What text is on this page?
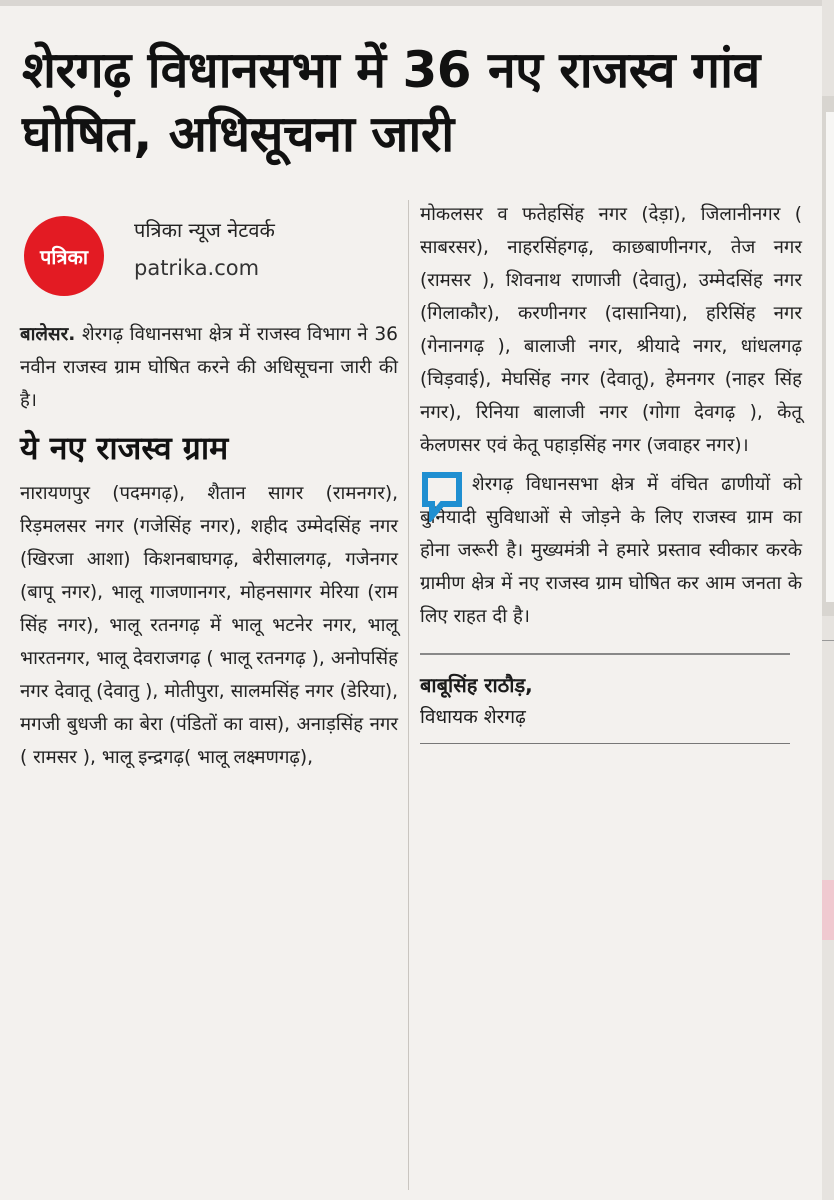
शेरगढ़ विधानसभा में 36 नए राजस्व गांव घोषित, अधिसूचना जारी
पत्रिका
पत्रिका न्यूज नेटवर्क
patrika.com

बालेसर. शेरगढ़ विधानसभा क्षेत्र में राजस्व विभाग ने 36 नवीन राजस्व ग्राम घोषित करने की अधिसूचना जारी की है।

ये नए राजस्व ग्राम

नारायणपुर (पदमगढ़), शैतान सागर (रामनगर), रिड़मलसर नगर (गजेसिंह नगर), शहीद उम्मेदसिंह नगर (खिरजा आशा) किशनबाघगढ़, बेरीसालगढ़, गजेनगर (बापू नगर), भालू गाजणानगर, मोहनसागर मेरिया (राम सिंह नगर), भालू रतनगढ़ में भालू भटनेर नगर, भालू भारतनगर, भालू देवराजगढ़ ( भालू रतनगढ़ ), अनोपसिंह नगर देवातू (देवातु ), मोतीपुरा, सालमसिंह नगर (डेरिया), मगजी बुधजी का बेरा (पंडितों का वास), अनाड़सिंह नगर ( रामसर ), भालू इन्द्रगढ़( भालू लक्ष्मणगढ़),

मोकलसर व फतेहसिंह नगर (देड़ा), जिलानीनगर ( साबरसर), नाहरसिंहगढ़, काछबाणीनगर, तेज नगर (रामसर ), शिवनाथ राणाजी (देवातु), उम्मेदसिंह नगर (गिलाकौर), करणीनगर (दासानिया), हरिसिंह नगर (गेनानगढ़ ), बालाजी नगर, श्रीयादे नगर, धांधलगढ़ (चिड़वाई), मेघसिंह नगर (देवातू), हेमनगर (नाहर सिंह नगर), रिनिया बालाजी नगर (गोगा देवगढ़ ), केतू केलणसर एवं केतू पहाड़सिंह नगर (जवाहर नगर)।

शेरगढ़ विधानसभा क्षेत्र में वंचित ढाणीयों को बुनियादी सुविधाओं से जोड़ने के लिए राजस्व ग्राम का होना जरूरी है। मुख्यमंत्री ने हमारे प्रस्ताव स्वीकार करके ग्रामीण क्षेत्र में नए राजस्व ग्राम घोषित कर आम जनता के लिए राहत दी है।

बाबूसिंह राठौड़,

विधायक शेरगढ़
